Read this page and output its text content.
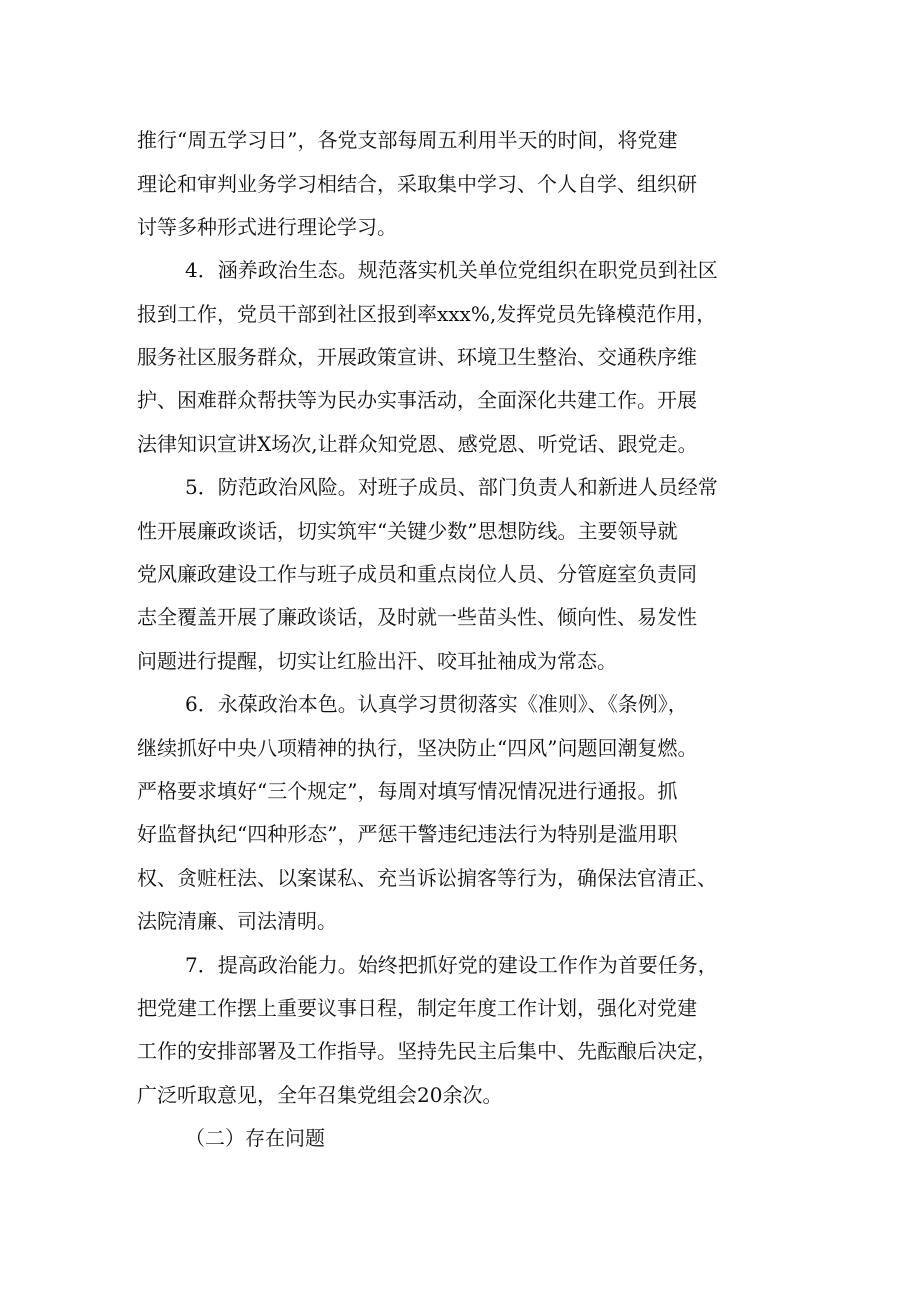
推行“周五学习日”，各党支部每周五利用半天的时间，将党建

理论和审判业务学习相结合，采取集中学习、个人自学、组织研

讨等多种形式进行理论学习。

4．涵养政治生态。规范落实机关单位党组织在职党员到社区

报到工作，党员干部到社区报到率xxx%,发挥党员先锋模范作用，

服务社区服务群众，开展政策宣讲、环境卫生整治、交通秩序维

护、困难群众帮扶等为民办实事活动，全面深化共建工作。开展

法律知识宣讲X场次,让群众知党恩、感党恩、听党话、跟党走。

5．防范政治风险。对班子成员、部门负责人和新进人员经常

性开展廉政谈话，切实筑牢“关键少数”思想防线。主要领导就

党风廉政建设工作与班子成员和重点岗位人员、分管庭室负责同

志全覆盖开展了廉政谈话，及时就一些苗头性、倾向性、易发性

问题进行提醒，切实让红脸出汗、咬耳扯袖成为常态。

6．永葆政治本色。认真学习贯彻落实《准则》、《条例》，

继续抓好中央八项精神的执行，坚决防止“四风”问题回潮复燃。

严格要求填好“三个规定”，每周对填写情况情况进行通报。抓

好监督执纪“四种形态”，严惩干警违纪违法行为特别是滥用职

权、贪赃枉法、以案谋私、充当诉讼掮客等行为，确保法官清正、

法院清廉、司法清明。

7．提高政治能力。始终把抓好党的建设工作作为首要任务，

把党建工作摆上重要议事日程，制定年度工作计划，强化对党建

工作的安排部署及工作指导。坚持先民主后集中、先酝酿后决定，

广泛听取意见，全年召集党组会20余次。

（二）存在问题
